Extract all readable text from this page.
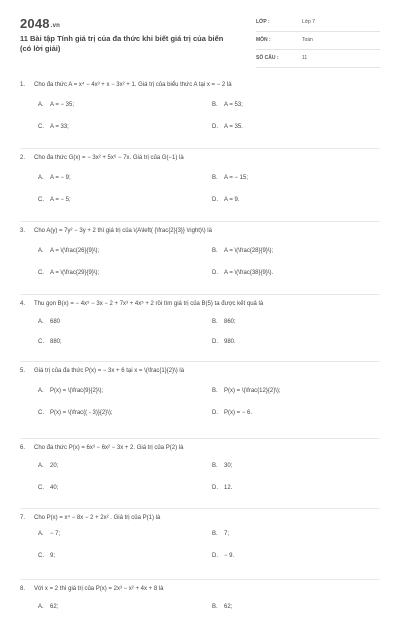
2048.vn
11 Bài tập Tính giá trị của đa thức khi biết giá trị của biến (có lời giải)
LỚP :	Lớp 7
MÔN :	Toán
SỐ CÂU :	11
1. Cho đa thức A = x⁴ − 4x³ + x − 3x² + 1. Giá trị của biểu thức A tại x = − 2 là
A. A = − 35;	B. A = 53;
C. A = 33;	D. A = 35.
2. Cho đa thức G(x) = − 3x² + 5x⁶ − 7x. Giá trị của G(−1) là
A. A = − 9;	B. A = − 15;
C. A = − 5;	D. A = 9.
3. Cho A(y) = 7y² − 3y + 2 thì giá trị của \(A\left( {\frac{2}{3}} \right)\) là
A. A = \(\frac{26}{9}\);	B. A = \(\frac{28}{9}\);
C. A = \(\frac{29}{9}\);	D. A = \(\frac{38}{9}\).
4. Thu gọn B(x) = − 4x⁵ − 3x − 2 + 7x³ + 4x⁵ + 2 rồi tìm giá trị của B(5) ta được kết quả là
A. 680	B. 860;
C. 880;	D. 980.
5. Giá trị của đa thức P(x) = − 3x + 6 tại x = \(\frac{1}{2}\) là
A. P(x) = \(\frac{9}{2}\);	B. P(x) = \(\frac{12}{2}\);
C. P(x) = \(\frac{( - 3)}{2}\);	D. P(x) = − 6.
6. Cho đa thức P(x) = 6x³ − 6x² − 3x + 2. Giá trị của P(2) là
A. 20;	B. 30;
C. 40;	D. 12.
7. Cho P(x) = x⁴ − 8x − 2 + 2x² . Giá trị của P(1) là
A. − 7;	B. 7;
C. 9;	D. − 9.
8. Với x = 2 thì giá trị của P(x) = 2x³ − x² + 4x + 8 là
A. 62;	B. 62;
